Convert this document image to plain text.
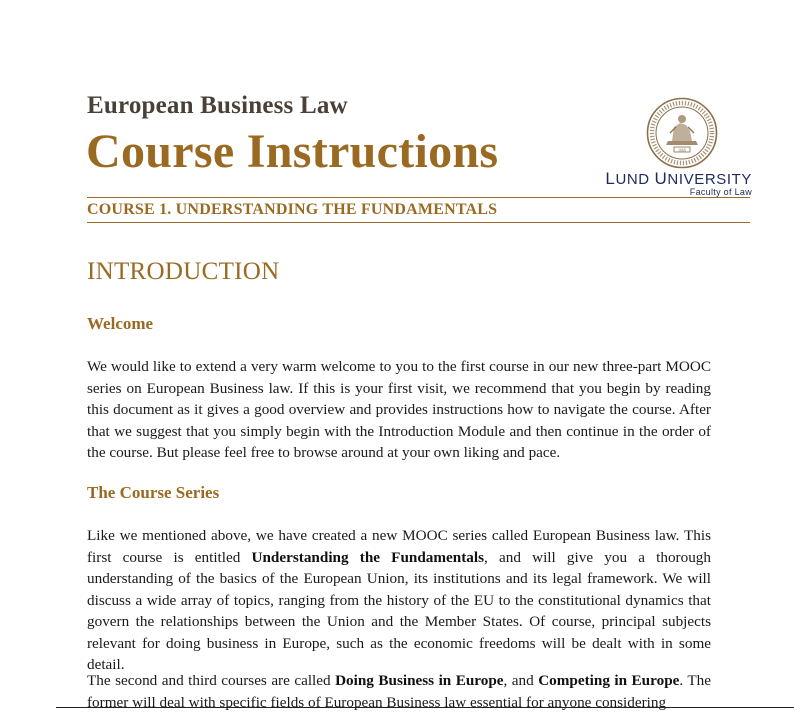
European Business Law
Course Instructions	1666
LUND UNIVERSITY
Faculty of Law
COURSE 1. UNDERSTANDING THE FUNDAMENTALS
INTRODUCTION
Welcome
We would like to extend a very warm welcome to you to the first course in our new three-part MOOC series on European Business law. If this is your first visit, we recommend that you begin by reading this document as it gives a good overview and provides instructions how to navigate the course. After that we suggest that you simply begin with the Introduction Module and then continue in the order of the course. But please feel free to browse around at your own liking and pace.
The Course Series
Like we mentioned above, we have created a new MOOC series called European Business law. This first course is entitled Understanding the Fundamentals, and will give you a thorough understanding of the basics of the European Union, its institutions and its legal framework. We will discuss a wide array of topics, ranging from the history of the EU to the constitutional dynamics that govern the relationships between the Union and the Member States. Of course, principal subjects relevant for doing business in Europe, such as the economic freedoms will be dealt with in some detail.
The second and third courses are called Doing Business in Europe, and Competing in Europe. The former will deal with specific fields of European Business law essential for anyone considering
